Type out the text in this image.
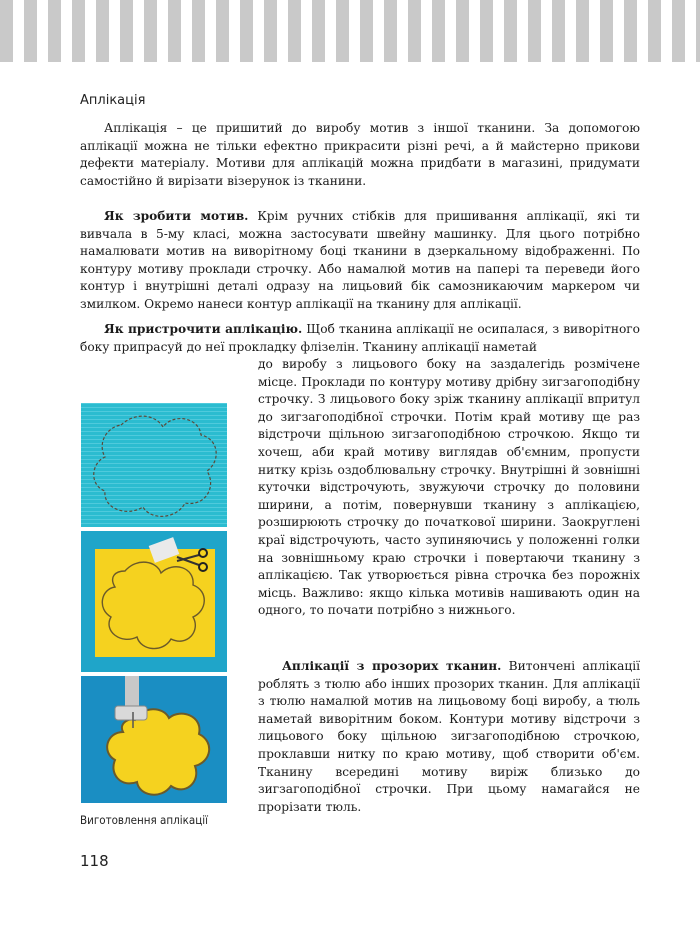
Аплікація

Аплікація – це пришитий до виробу мотив з іншої тканини. За допомогою аплікації можна не тільки ефектно прикрасити різні речі, а й майстерно прикови дефекти матеріалу. Мотиви для аплікацій можна придбати в магазині, придумати самостійно й вирізати візерунок із тканини.

Як зробити мотив. Крім ручних стібків для пришивання аплікації, які ти вивчала в 5-му класі, можна застосувати швейну машинку. Для цього потрібно намалювати мотив на виворітному боці тканини в дзеркальному відображенні. По контуру мотиву проклади строчку. Або намалюй мотив на папері та переведи його контур і внутрішні деталі одразу на лицьовий бік самозникаючим маркером чи змилком. Окремо нанеси контур аплікації на тканину для аплікації.

Як пристрочити аплікацію. Щоб тканина аплікації не осипалася, з виворітного боку припрасуй до неї прокладку флізелін. Тканину аплікації наметай

до виробу з лицьового боку на заздалегідь розмічене місце. Проклади по контуру мотиву дрібну зигзагоподібну строчку. З лицьового боку зріж тканину аплікації впритул до зигзагоподібної строчки. Потім край мотиву ще раз відстрочи щільною зигзагоподібною строчкою. Якщо ти хочеш, аби край мотиву виглядав об'ємним, пропусти нитку крізь оздоблювальну строчку. Внутрішні й зовнішні куточки відстрочують, звужуючи строчку до половини ширини, а потім, повернувши тканину з аплікацією, розширюють строчку до початкової ширини. Заокруглені краї відстрочують, часто зупиняючись у положенні голки на зовнішньому краю строчки і повертаючи тканину з аплікацією. Так утворюється рівна строчка без порожніх місць. Важливо: якщо кілька мотивів нашивають один на одного, то почати потрібно з нижнього.

Аплікації з прозорих тканин. Витончені аплікації роблять з тюлю або інших прозорих тканин. Для аплікації з тюлю намалюй мотив на лицьовому боці виробу, а тюль наметай виворітним боком. Контури мотиву відстрочи з лицьового боку щільною зигзагоподібною строчкою, проклавши нитку по краю мотиву, щоб створити об'єм. Тканину всередині мотиву виріж близько до зигзагоподібної строчки. При цьому намагайся не прорізати тюль.

Виготовлення аплікації
118
